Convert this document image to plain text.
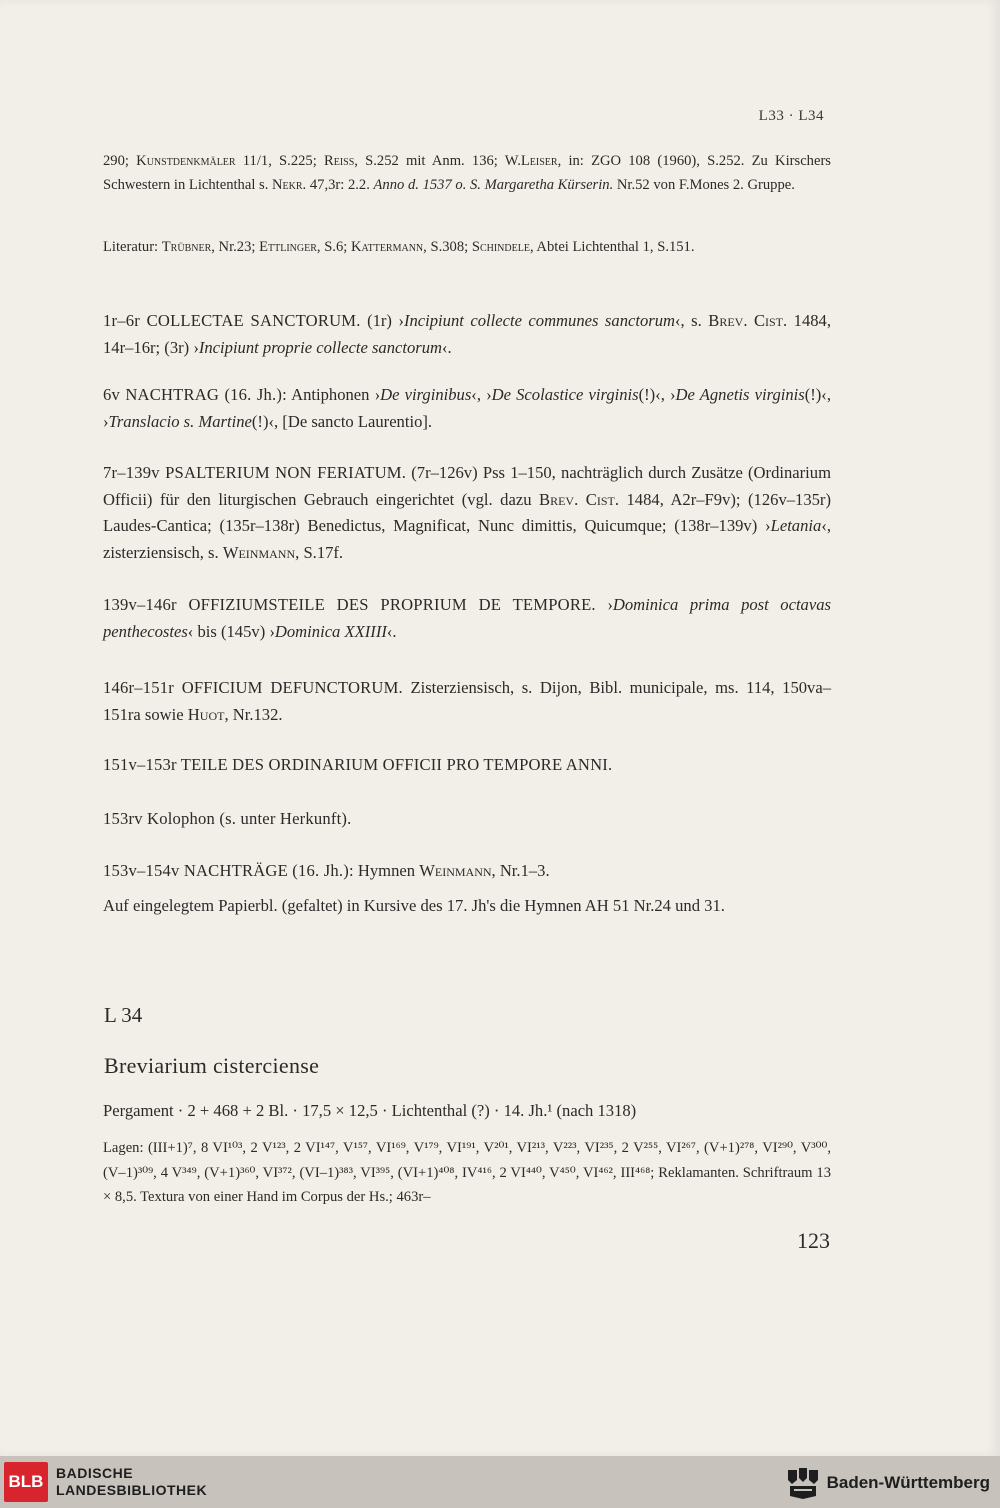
L33 · L34

290; Kunstdenkmäler 11/1, S.225; Reiss, S.252 mit Anm. 136; W.Leiser, in: ZGO 108 (1960), S.252. Zu Kirschers Schwestern in Lichtenthal s. Nekr. 47,3r: 2.2. Anno d. 1537 o. S. Margaretha Kürserin. Nr.52 von F.Mones 2. Gruppe.

Literatur: Trübner, Nr.23; Ettlinger, S.6; Kattermann, S.308; Schindele, Abtei Lichtenthal 1, S.151.

1r–6r COLLECTAE SANCTORUM. (1r) ›Incipiunt collecte communes sanctorum‹, s. Brev. Cist. 1484, 14r–16r; (3r) ›Incipiunt proprie collecte sanctorum‹.

6v NACHTRAG (16. Jh.): Antiphonen ›De virginibus‹, ›De Scolastice virginis(!)‹, ›De Agnetis virginis(!)‹, ›Translacio s. Martine(!)‹, [De sancto Laurentio].

7r–139v PSALTERIUM NON FERIATUM. (7r–126v) Pss 1–150, nachträglich durch Zusätze (Ordinarium Officii) für den liturgischen Gebrauch eingerichtet (vgl. dazu Brev. Cist. 1484, A2r–F9v); (126v–135r) Laudes-Cantica; (135r–138r) Benedictus, Magnificat, Nunc dimittis, Quicumque; (138r–139v) ›Letania‹, zisterziensisch, s. Weinmann, S.17f.

139v–146r OFFIZIUMSTEILE DES PROPRIUM DE TEMPORE. ›Dominica prima post octavas penthecostes‹ bis (145v) ›Dominica XXIIII‹.

146r–151r OFFICIUM DEFUNCTORUM. Zisterziensisch, s. Dijon, Bibl. municipale, ms. 114, 150va–151ra sowie Huot, Nr.132.

151v–153r TEILE DES ORDINARIUM OFFICII PRO TEMPORE ANNI.

153rv Kolophon (s. unter Herkunft).

153v–154v NACHTRÄGE (16. Jh.): Hymnen Weinmann, Nr.1–3.

Auf eingelegtem Papierbl. (gefaltet) in Kursive des 17. Jh's die Hymnen AH 51 Nr.24 und 31.

L 34
Breviarium cisterciense

Pergament · 2 + 468 + 2 Bl. · 17,5 × 12,5 · Lichtenthal (?) · 14. Jh.¹ (nach 1318)

Lagen: (III+1)⁷, 8 VI¹⁰³, 2 V¹²³, 2 VI¹⁴⁷, V¹⁵⁷, VI¹⁶⁹, V¹⁷⁹, VI¹⁹¹, V²⁰¹, VI²¹³, V²²³, VI²³⁵, 2 V²⁵⁵, VI²⁶⁷, (V+1)²⁷⁸, VI²⁹⁰, V³⁰⁰, (V–1)³⁰⁹, 4 V³⁴⁹, (V+1)³⁶⁰, VI³⁷², (VI–1)³⁸³, VI³⁹⁵, (VI+1)⁴⁰⁸, IV⁴¹⁶, 2 VI⁴⁴⁰, V⁴⁵⁰, VI⁴⁶², III⁴⁶⁸; Reklamanten. Schriftraum 13 × 8,5. Textura von einer Hand im Corpus der Hs.; 463r–

123
BLB BADISCHE
LANDESBIBLIOTHEK	Baden-Württemberg
